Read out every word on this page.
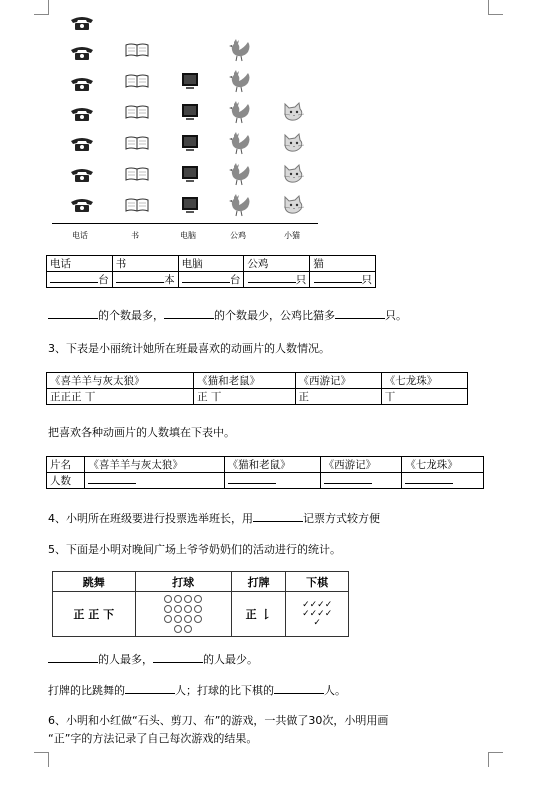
电话	书	电脑	公鸡	小猫
电话	书	电脑	公鸡	猫
台	本	台	只	只
的个数最多，	的个数最少，公鸡比猫多	只。
3、下表是小丽统计她所在班最喜欢的动画片的人数情况。
《喜羊羊与灰太狼》	《猫和老鼠》	《西游记》	《七龙珠》
正正正 丅	正 丅	正	丅
把喜欢各种动画片的人数填在下表中。
片名	《喜羊羊与灰太狼》	《猫和老鼠》	《西游记》	《七龙珠》
人数				
4、小明所在班级要进行投票选举班长，用	记票方式较方便
5、下面是小明对晚间广场上爷爷奶奶们的活动进行的统计。
跳舞	打球	打牌	下棋
正 正 下		正 𠄌	✓✓✓✓
✓✓✓✓
✓
的人最多，	的人最少。
打牌的比跳舞的	人；打球的比下棋的	人。
6、小明和小红做“石头、剪刀、布”的游戏，一共做了30次，小明用画
“正”字的方法记录了自己每次游戏的结果。
